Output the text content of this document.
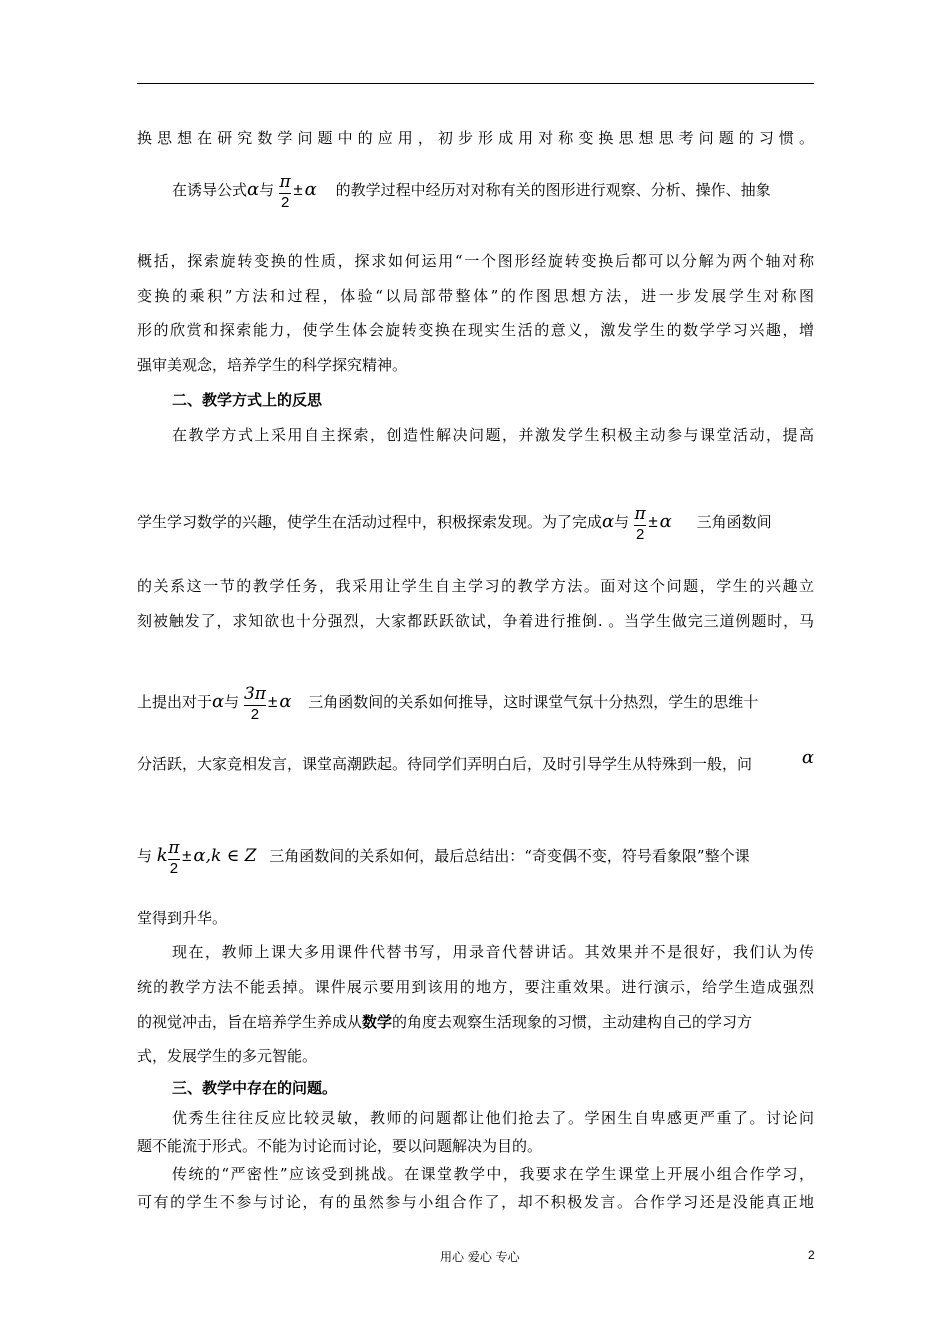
换思想在研究数学问题中的应用，初步形成用对称变换思想思考问题的习惯。
在诱导公式α与 $\frac{\pi}{2} \pm \alpha$ 的教学过程中经历对对称有关的图形进行观察、分析、操作、抽象
概括，探索旋转变换的性质，探求如何运用“一个图形经旋转变换后都可以分解为两个轴对称
变换的乘积”方法和过程，体验“以局部带整体”的作图思想方法，进一步发展学生对称图
形的欣赏和探索能力，使学生体会旋转变换在现实生活的意义，激发学生的数学学习兴趣，增
强审美观念，培养学生的科学探究精神。
二、教学方式上的反思
在教学方式上采用自主探索，创造性解决问题，并激发学生积极主动参与课堂活动，提高
学生学习数学的兴趣，使学生在活动过程中，积极探索发现。为了完成α与 $\frac{\pi}{2} \pm \alpha$ 三角函数间
的关系这一节的教学任务，我采用让学生自主学习的教学方法。面对这个问题，学生的兴趣立
刻被触发了，求知欲也十分强烈，大家都跃跃欲试，争着进行推倒. 。当学生做完三道例题时，马
上提出对于α与 $\frac{3\pi}{2} \pm \alpha$ 三角函数间的关系如何推导，这时课堂气氛十分热烈，学生的思维十
分活跃，大家竞相发言，课堂高潮跌起。待同学们弄明白后，及时引导学生从特殊到一般，问	α
与 k $\frac{\pi}{2} \pm \alpha,k$ ∈ Z 三角函数间的关系如何，最后总结出：“奇变偶不变，符号看象限”整个课
堂得到升华。
现在，教师上课大多用课件代替书写，用录音代替讲话。其效果并不是很好，我们认为传
统的教学方法不能丢掉。课件展示要用到该用的地方，要注重效果。进行演示，给学生造成强烈
的视觉冲击，旨在培养学生养成从数学的角度去观察生活现象的习惯，主动建构自己的学习方
式，发展学生的多元智能。
三、教学中存在的问题。
优秀生往往反应比较灵敏，教师的问题都让他们抢去了。学困生自卑感更严重了。讨论问
题不能流于形式。不能为讨论而讨论，要以问题解决为目的。
传统的“严密性”应该受到挑战。在课堂教学中，我要求在学生课堂上开展小组合作学习，
可有的学生不参与讨论，有的虽然参与小组合作了，却不积极发言。合作学习还是没能真正地
用心 爱心 专心	2
